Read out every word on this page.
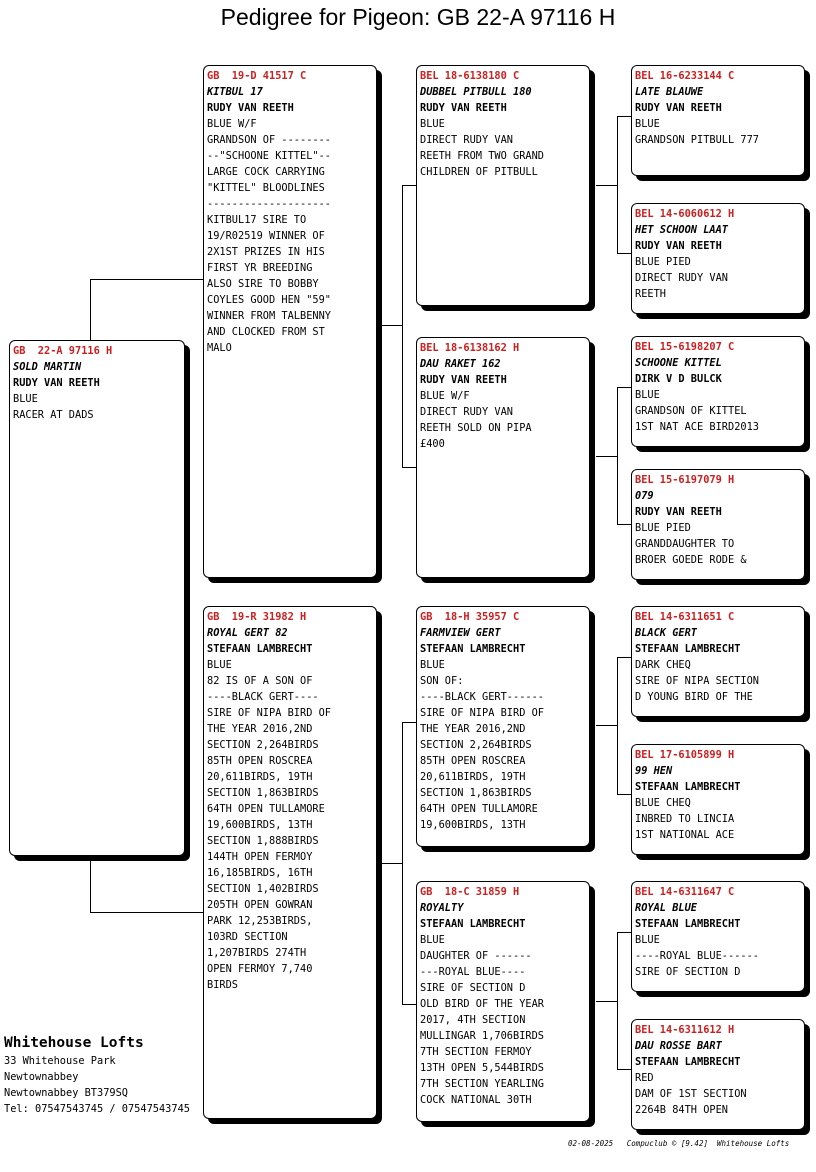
Pedigree for Pigeon: GB 22-A 97116 H
GB  22-A 97116 H
SOLD MARTIN
RUDY VAN REETH
BLUE
RACER AT DADS
GB  19-D 41517 C
KITBUL 17
RUDY VAN REETH
BLUE W/F
GRANDSON OF --------
--"SCHOONE KITTEL"--
LARGE COCK CARRYING
"KITTEL" BLOODLINES
--------------------
KITBUL17 SIRE TO
19/R02519 WINNER OF
2X1ST PRIZES IN HIS
FIRST YR BREEDING
ALSO SIRE TO BOBBY
COYLES GOOD HEN "59"
WINNER FROM TALBENNY
AND CLOCKED FROM ST
MALO
GB  19-R 31982 H
ROYAL GERT 82
STEFAAN LAMBRECHT
BLUE
82 IS OF A SON OF
----BLACK GERT----
SIRE OF NIPA BIRD OF
THE YEAR 2016,2ND
SECTION 2,264BIRDS
85TH OPEN ROSCREA
20,611BIRDS, 19TH
SECTION 1,863BIRDS
64TH OPEN TULLAMORE
19,600BIRDS, 13TH
SECTION 1,888BIRDS
144TH OPEN FERMOY
16,185BIRDS, 16TH
SECTION 1,402BIRDS
205TH OPEN GOWRAN
PARK 12,253BIRDS,
103RD SECTION
1,207BIRDS 274TH
OPEN FERMOY 7,740
BIRDS
BEL 18-6138180 C
DUBBEL PITBULL 180
RUDY VAN REETH
BLUE
DIRECT RUDY VAN
REETH FROM TWO GRAND
CHILDREN OF PITBULL
BEL 18-6138162 H
DAU RAKET 162
RUDY VAN REETH
BLUE W/F
DIRECT RUDY VAN
REETH SOLD ON PIPA
£400
GB  18-H 35957 C
FARMVIEW GERT
STEFAAN LAMBRECHT
BLUE
SON OF:
----BLACK GERT------
SIRE OF NIPA BIRD OF
THE YEAR 2016,2ND
SECTION 2,264BIRDS
85TH OPEN ROSCREA
20,611BIRDS, 19TH
SECTION 1,863BIRDS
64TH OPEN TULLAMORE
19,600BIRDS, 13TH
GB  18-C 31859 H
ROYALTY
STEFAAN LAMBRECHT
BLUE
DAUGHTER OF ------
---ROYAL BLUE----
SIRE OF SECTION D
OLD BIRD OF THE YEAR
2017, 4TH SECTION
MULLINGAR 1,706BIRDS
7TH SECTION FERMOY
13TH OPEN 5,544BIRDS
7TH SECTION YEARLING
COCK NATIONAL 30TH
BEL 16-6233144 C
LATE BLAUWE
RUDY VAN REETH
BLUE
GRANDSON PITBULL 777
BEL 14-6060612 H
HET SCHOON LAAT
RUDY VAN REETH
BLUE PIED
DIRECT RUDY VAN
REETH
BEL 15-6198207 C
SCHOONE KITTEL
DIRK V D BULCK
BLUE
GRANDSON OF KITTEL
1ST NAT ACE BIRD2013
BEL 15-6197079 H
079
RUDY VAN REETH
BLUE PIED
GRANDDAUGHTER TO
BROER GOEDE RODE &
BEL 14-6311651 C
BLACK GERT
STEFAAN LAMBRECHT
DARK CHEQ
SIRE OF NIPA SECTION
D YOUNG BIRD OF THE
BEL 17-6105899 H
99 HEN
STEFAAN LAMBRECHT
BLUE CHEQ
INBRED TO LINCIA
1ST NATIONAL ACE
BEL 14-6311647 C
ROYAL BLUE
STEFAAN LAMBRECHT
BLUE
----ROYAL BLUE------
SIRE OF SECTION D
BEL 14-6311612 H
DAU ROSSE BART
STEFAAN LAMBRECHT
RED
DAM OF 1ST SECTION
2264B 84TH OPEN
Whitehouse Lofts
33 Whitehouse Park
Newtownabbey
Newtownabbey BT379SQ
Tel: 07547543745 / 07547543745
02-08-2025   Compuclub © [9.42]  Whitehouse Lofts
